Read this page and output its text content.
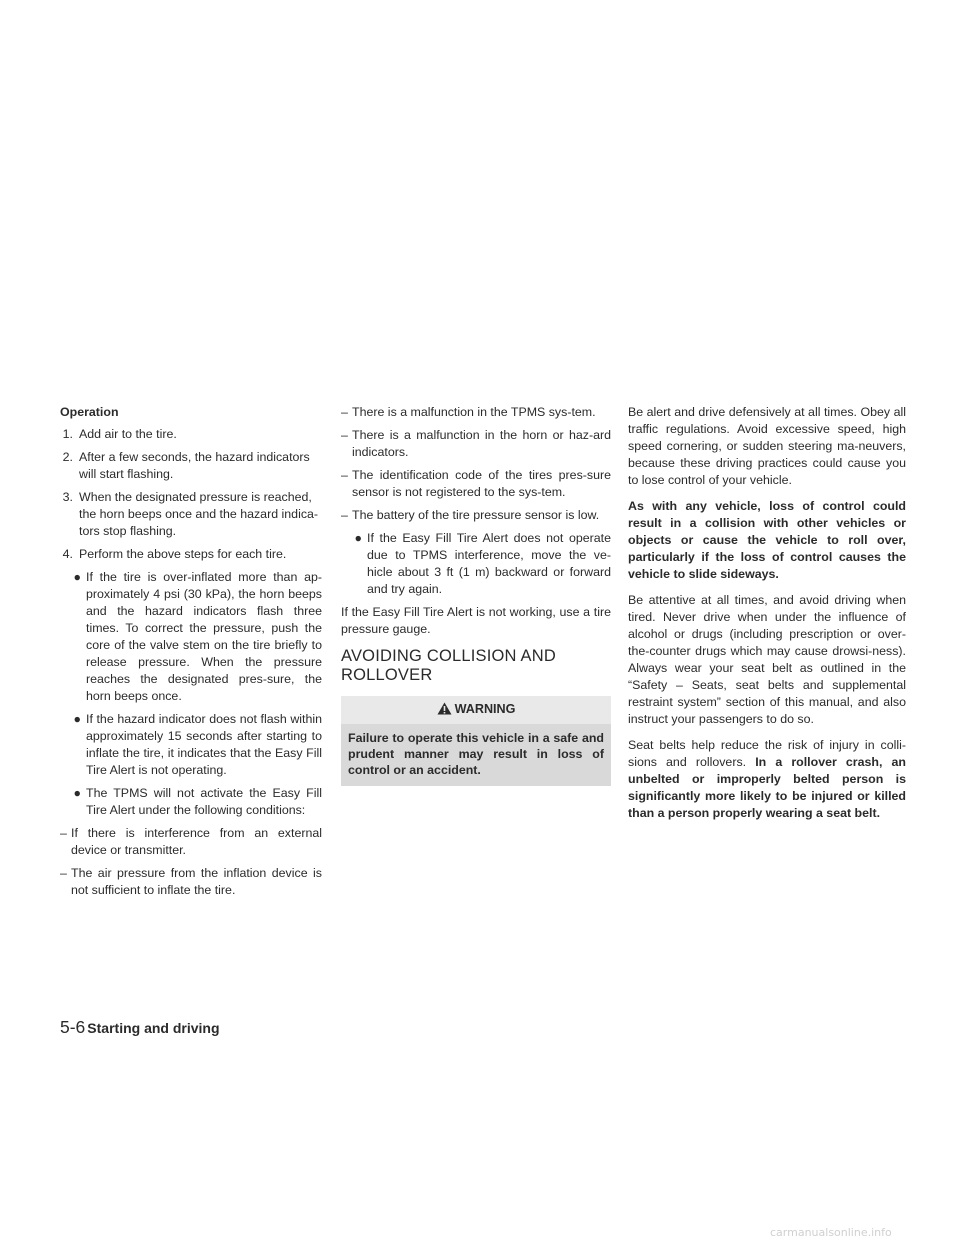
Operation
1. Add air to the tire.
2. After a few seconds, the hazard indicators will start flashing.
3. When the designated pressure is reached, the horn beeps once and the hazard indica-tors stop flashing.
4. Perform the above steps for each tire.
● If the tire is over-inflated more than ap-proximately 4 psi (30 kPa), the horn beeps and the hazard indicators flash three times. To correct the pressure, push the core of the valve stem on the tire briefly to release pressure. When the pressure reaches the designated pres-sure, the horn beeps once.
● If the hazard indicator does not flash within approximately 15 seconds after starting to inflate the tire, it indicates that the Easy Fill Tire Alert is not operating.
● The TPMS will not activate the Easy Fill Tire Alert under the following conditions:
– If there is interference from an external device or transmitter.
– The air pressure from the inflation device is not sufficient to inflate the tire.
– There is a malfunction in the TPMS sys-tem.
– There is a malfunction in the horn or haz-ard indicators.
– The identification code of the tires pres-sure sensor is not registered to the sys-tem.
– The battery of the tire pressure sensor is low.
● If the Easy Fill Tire Alert does not operate due to TPMS interference, move the ve-hicle about 3 ft (1 m) backward or forward and try again.

If the Easy Fill Tire Alert is not working, use a tire pressure gauge.

AVOIDING COLLISION AND
ROLLOVER
WARNING
Failure to operate this vehicle in a safe and prudent manner may result in loss of control or an accident.

Be alert and drive defensively at all times. Obey all traffic regulations. Avoid excessive speed, high speed cornering, or sudden steering ma-neuvers, because these driving practices could cause you to lose control of your vehicle.

As with any vehicle, loss of control could result in a collision with other vehicles or objects or cause the vehicle to roll over, particularly if the loss of control causes the vehicle to slide sideways.

Be attentive at all times, and avoid driving when tired. Never drive when under the influence of alcohol or drugs (including prescription or over-the-counter drugs which may cause drowsi-ness). Always wear your seat belt as outlined in the “Safety – Seats, seat belts and supplemental restraint system” section of this manual, and also instruct your passengers to do so.

Seat belts help reduce the risk of injury in colli-sions and rollovers. In a rollover crash, an unbelted or improperly belted person is significantly more likely to be injured or killed than a person properly wearing a seat belt.

5-6 Starting and driving
carmanualsonline.info
